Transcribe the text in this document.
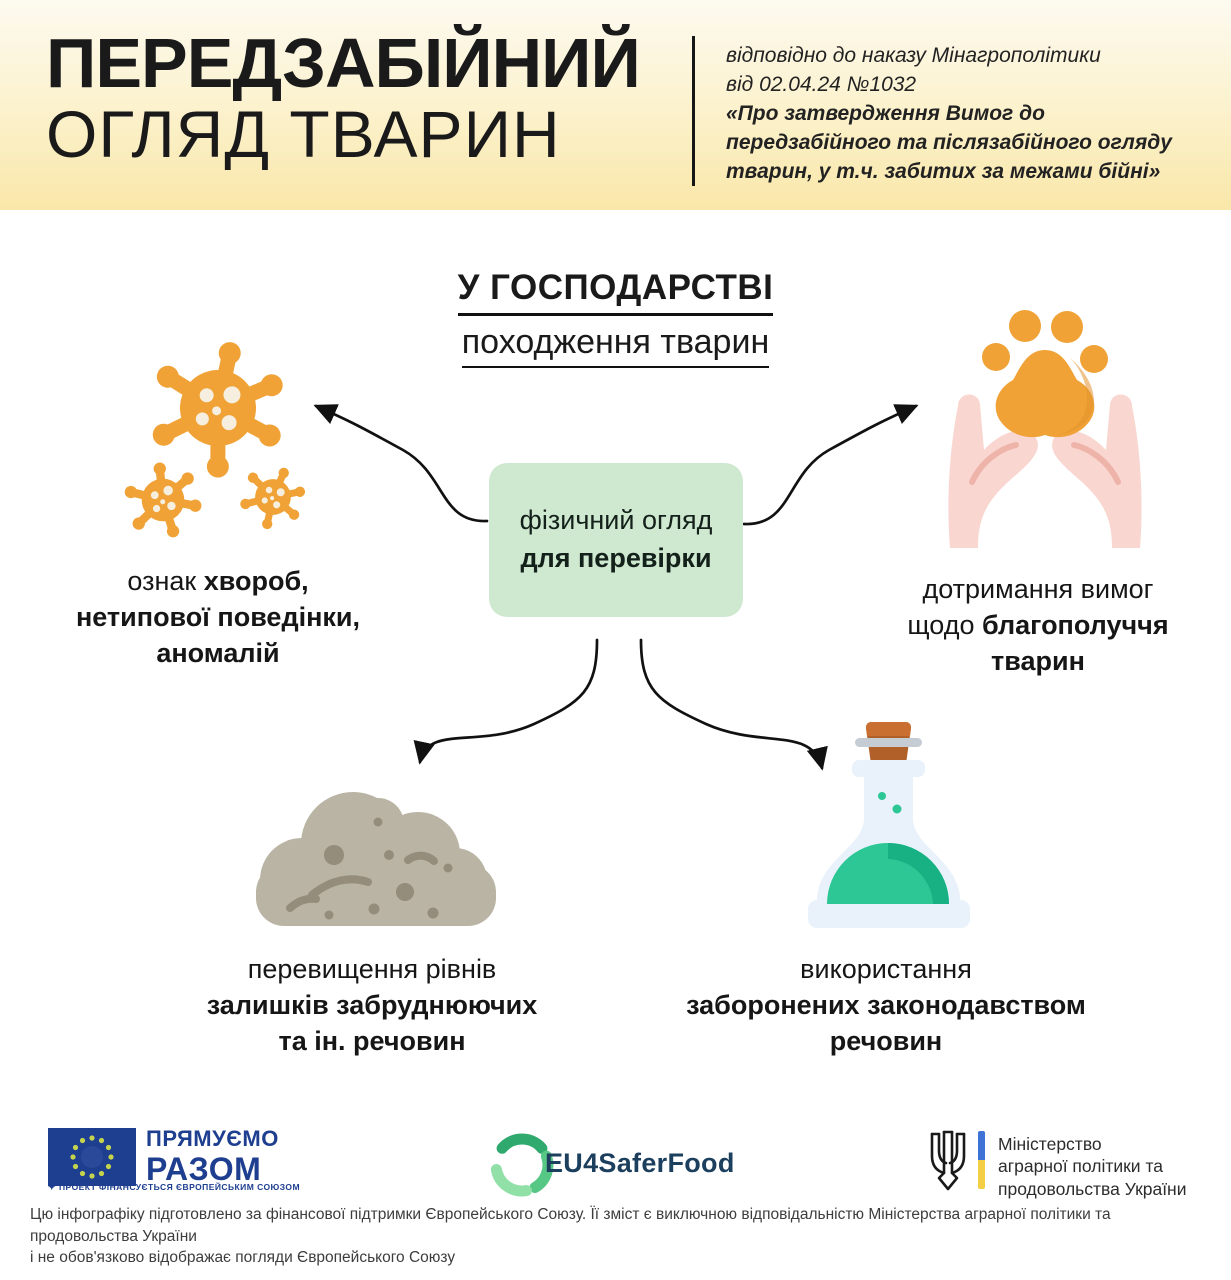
ПЕРЕДЗАБІЙНИЙ
ОГЛЯД ТВАРИН
відповідно до наказу Мінагрополітики
від 02.04.24 №1032
«Про затвердження Вимог до
передзабійного та післязабійного огляду
тварин, у т.ч. забитих за межами бійні»
У ГОСПОДАРСТВІ
походження тварин
фізичний огляд
для перевірки
ознак хвороб,
нетипової поведінки,
аномалій
дотримання вимог
щодо благополуччя
тварин
перевищення рівнів
залишків забруднюючих
та ін. речовин
використання
заборонених законодавством
речовин
ПРЯМУЄМО
РАЗОМ
✦ ПРОЕКТ ФІНАНСУЄТЬСЯ ЄВРОПЕЙСЬКИМ СОЮЗОМ
EU4SaferFood
Міністерство
аграрної політики та
продовольства України
Цю інфографіку підготовлено за фінансової підтримки Європейського Союзу. Її зміст є виключною відповідальністю Міністерства аграрної політики та продовольства України
і не обов'язково відображає погляди Європейського Союзу
